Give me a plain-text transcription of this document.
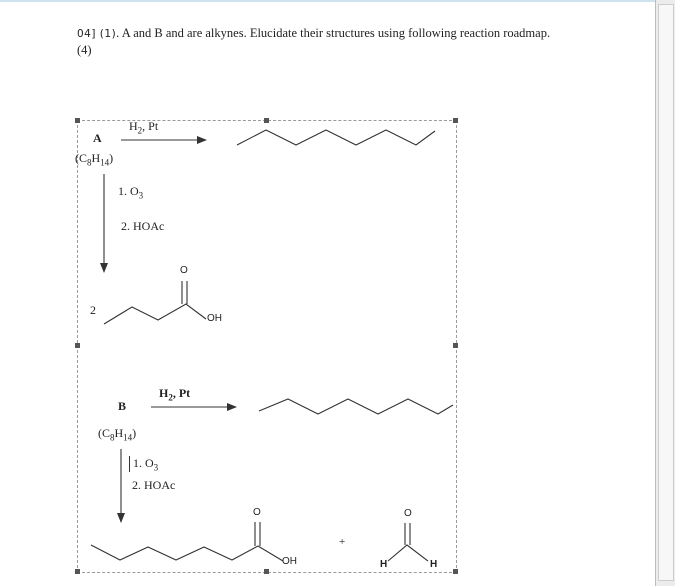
04] (1). A and B and are alkynes. Elucidate their structures using following reaction roadmap.
(4)
$H_2$, Pt
A
$(C_8H_{14})$
1. $O_3$
2. HOAc
2
O
OH
$H_2$, Pt
B
$(C_8H_{14})$
1. $O_3$
2. HOAc
O
OH
+
O
H	H
